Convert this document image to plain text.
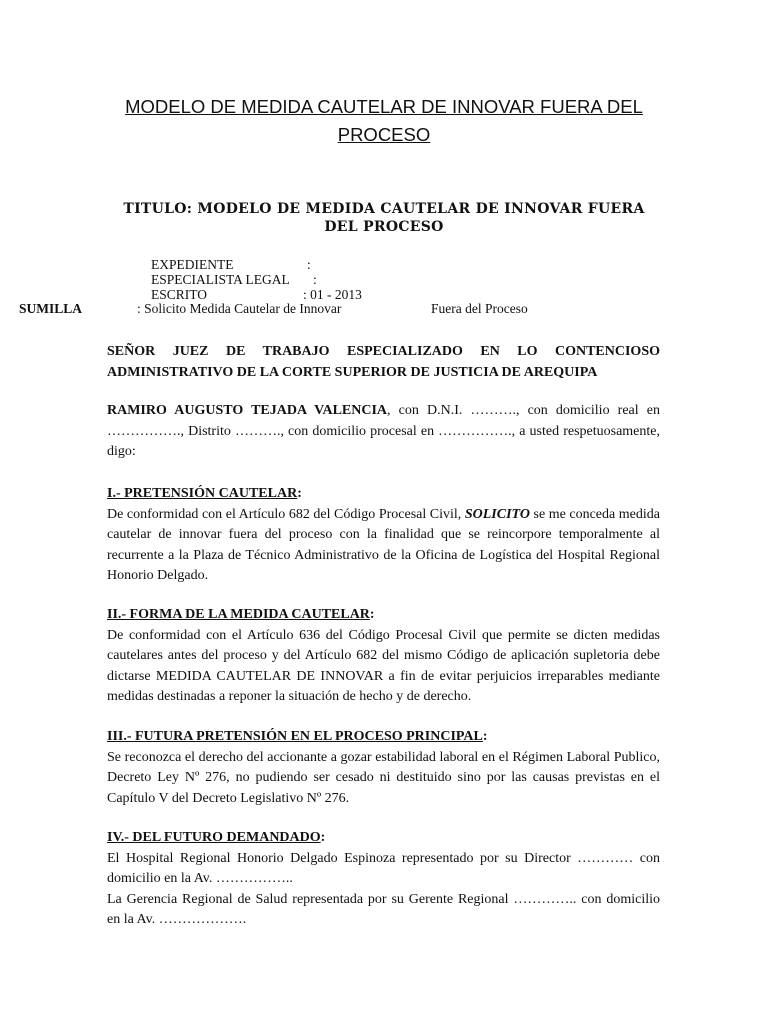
MODELO DE MEDIDA CAUTELAR DE INNOVAR FUERA DEL PROCESO
TITULO: MODELO DE MEDIDA CAUTELAR DE INNOVAR FUERA DEL PROCESO
EXPEDIENTE	:
ESPECIALISTA LEGAL :
ESCRITO	: 01 - 2013
SUMILLA	: Solicito Medida Cautelar de Innovar	Fuera del Proceso
SEÑOR JUEZ DE TRABAJO ESPECIALIZADO EN LO CONTENCIOSO ADMINISTRATIVO DE LA CORTE SUPERIOR DE JUSTICIA DE AREQUIPA
RAMIRO AUGUSTO TEJADA VALENCIA, con D.N.I. ………., con domicilio real en ……………., Distrito ………., con domicilio procesal en ……………., a usted respetuosamente, digo:

I.- PRETENSIÓN CAUTELAR:

De conformidad con el Artículo 682 del Código Procesal Civil, SOLICITO se me conceda medida cautelar de innovar fuera del proceso con la finalidad que se reincorpore temporalmente al recurrente a la Plaza de Técnico Administrativo de la Oficina de Logística del Hospital Regional Honorio Delgado.

II.- FORMA DE LA MEDIDA CAUTELAR:

De conformidad con el Artículo 636 del Código Procesal Civil que permite se dicten medidas cautelares antes del proceso y del Artículo 682 del mismo Código de aplicación supletoria debe dictarse MEDIDA CAUTELAR DE INNOVAR a fin de evitar perjuicios irreparables mediante medidas destinadas a reponer la situación de hecho y de derecho.

III.- FUTURA PRETENSIÓN EN EL PROCESO PRINCIPAL:

Se reconozca el derecho del accionante a gozar estabilidad laboral en el Régimen Laboral Publico, Decreto Ley Nº 276, no pudiendo ser cesado ni destituido sino por las causas previstas en el Capítulo V del Decreto Legislativo Nº 276.

IV.- DEL FUTURO DEMANDADO:

El Hospital Regional Honorio Delgado Espinoza representado por su Director ………… con domicilio en la Av. ……………..

La Gerencia Regional de Salud representada por su Gerente Regional ………….. con domicilio en la Av. ……………….
